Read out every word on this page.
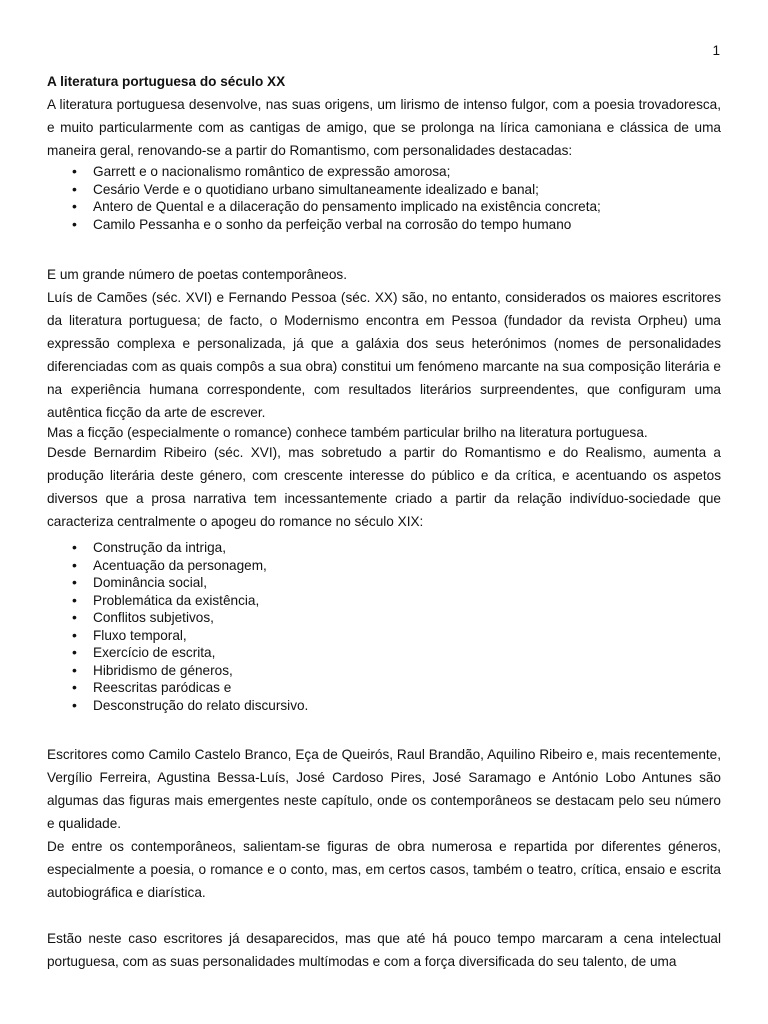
1
A literatura portuguesa do século XX

A literatura portuguesa desenvolve, nas suas origens, um lirismo de intenso fulgor, com a poesia trovadoresca, e muito particularmente com as cantigas de amigo, que se prolonga na lírica camoniana e clássica de uma maneira geral, renovando-se a partir do Romantismo, com personalidades destacadas:

• Garrett e o nacionalismo romântico de expressão amorosa;
• Cesário Verde e o quotidiano urbano simultaneamente idealizado e banal;
• Antero de Quental e a dilaceração do pensamento implicado na existência concreta;
• Camilo Pessanha e o sonho da perfeição verbal na corrosão do tempo humano

E um grande número de poetas contemporâneos.

Luís de Camões (séc. XVI) e Fernando Pessoa (séc. XX) são, no entanto, considerados os maiores escritores da literatura portuguesa; de facto, o Modernismo encontra em Pessoa (fundador da revista Orpheu) uma expressão complexa e personalizada, já que a galáxia dos seus heterónimos (nomes de personalidades diferenciadas com as quais compôs a sua obra) constitui um fenómeno marcante na sua composição literária e na experiência humana correspondente, com resultados literários surpreendentes, que configuram uma autêntica ficção da arte de escrever.

Mas a ficção (especialmente o romance) conhece também particular brilho na literatura portuguesa.

Desde Bernardim Ribeiro (séc. XVI), mas sobretudo a partir do Romantismo e do Realismo, aumenta a produção literária deste género, com crescente interesse do público e da crítica, e acentuando os aspetos diversos que a prosa narrativa tem incessantemente criado a partir da relação indivíduo-sociedade que caracteriza centralmente o apogeu do romance no século XIX:

• Construção da intriga,
• Acentuação da personagem,
• Dominância social,
• Problemática da existência,
• Conflitos subjetivos,
• Fluxo temporal,
• Exercício de escrita,
• Hibridismo de géneros,
• Reescritas paródicas e
• Desconstrução do relato discursivo.

Escritores como Camilo Castelo Branco, Eça de Queirós, Raul Brandão, Aquilino Ribeiro e, mais recentemente, Vergílio Ferreira, Agustina Bessa-Luís, José Cardoso Pires, José Saramago e António Lobo Antunes são algumas das figuras mais emergentes neste capítulo, onde os contemporâneos se destacam pelo seu número e qualidade.

De entre os contemporâneos, salientam-se figuras de obra numerosa e repartida por diferentes géneros, especialmente a poesia, o romance e o conto, mas, em certos casos, também o teatro, crítica, ensaio e escrita autobiográfica e diarística.

Estão neste caso escritores já desaparecidos, mas que até há pouco tempo marcaram a cena intelectual portuguesa, com as suas personalidades multímodas e com a força diversificada do seu talento, de uma
